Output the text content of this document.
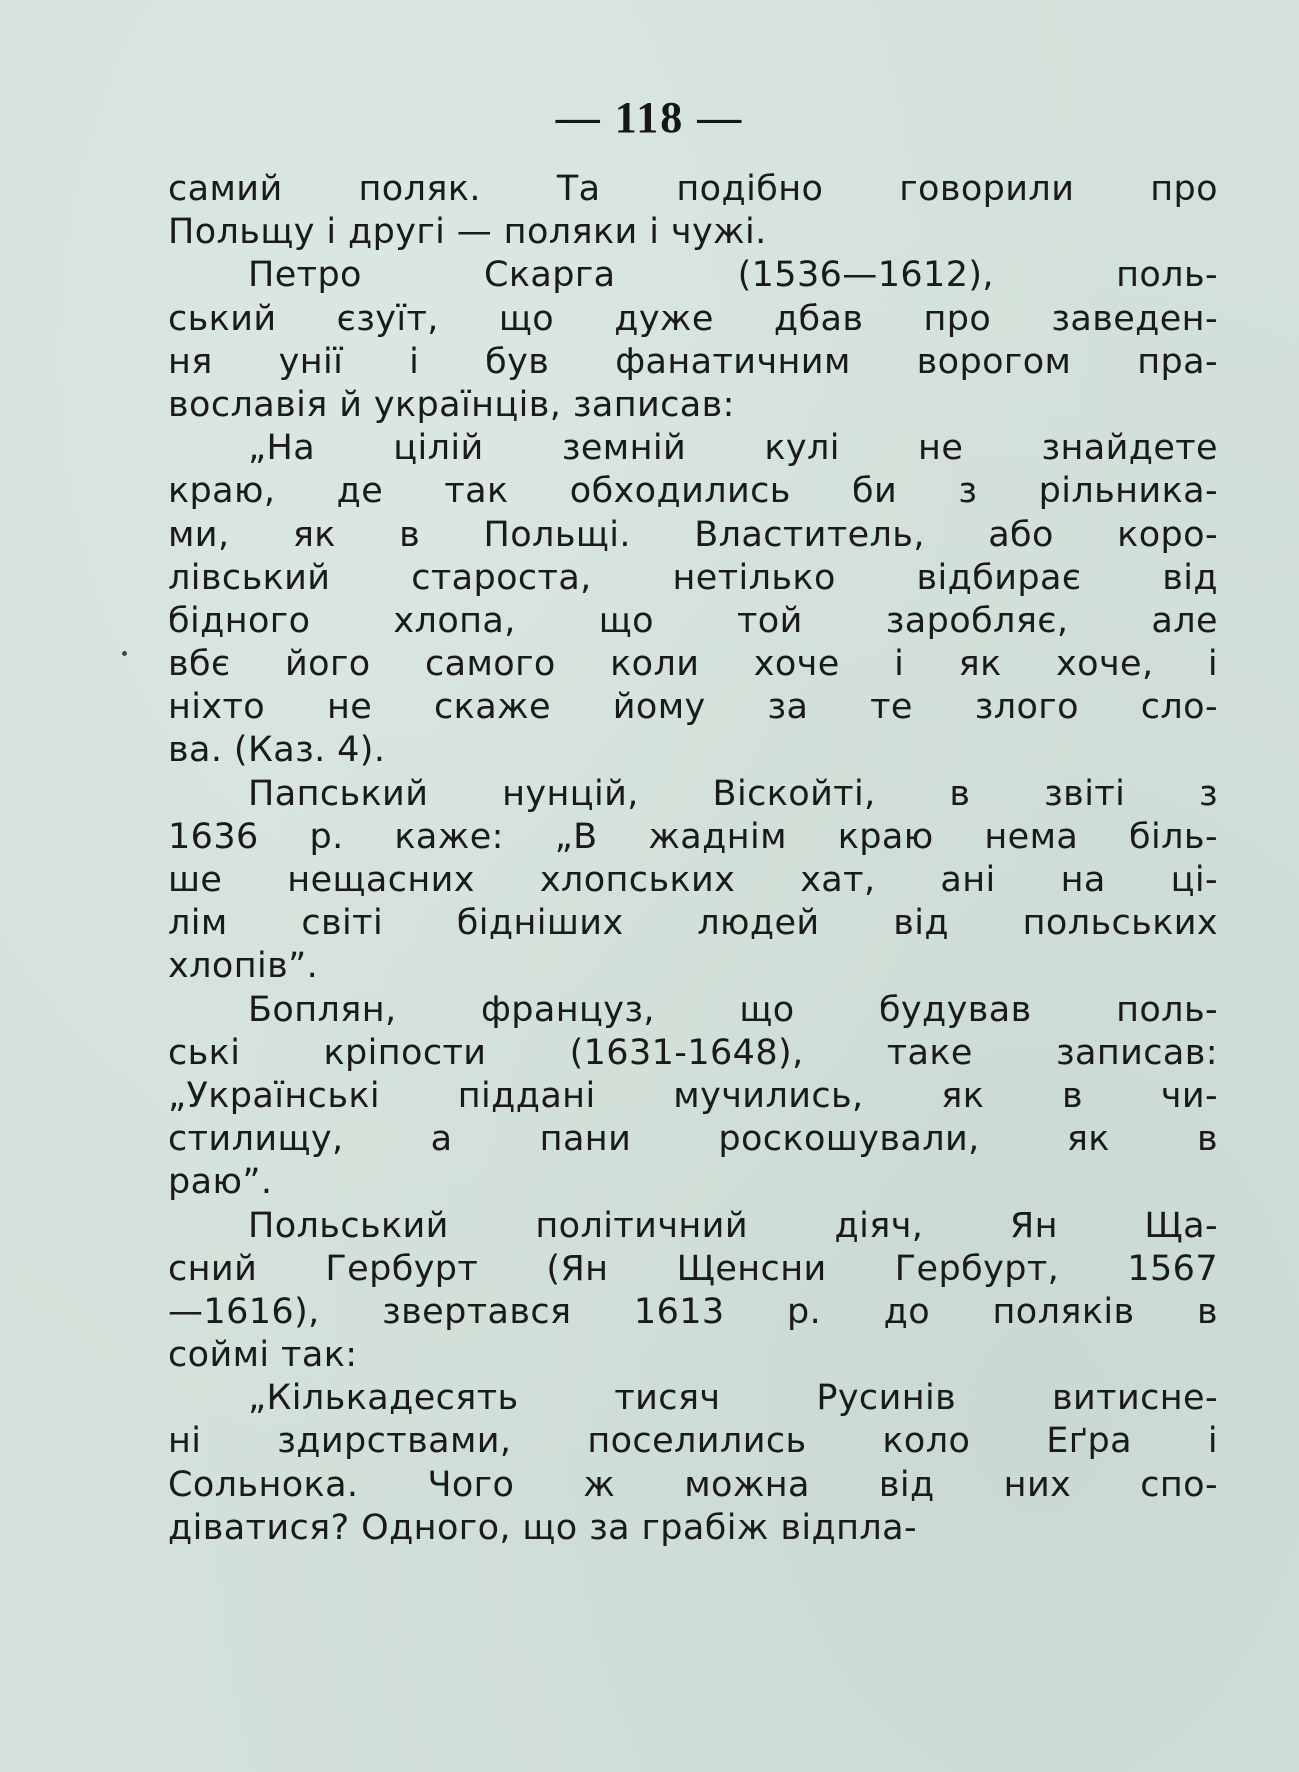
— 118 —
самий поляк. Та подібно говорили про
Польщу і другі — поляки і чужі.
Петро Скарга (1536—1612), поль-
ський єзуїт, що дуже дбав про заведен-
ня унії і був фанатичним ворогом пра-
вославія й українців, записав:
„На цілій земній кулі не знайдете
краю, де так обходились би з рільника-
ми, як в Польщі. Властитель, або коро-
лівський староста, нетілько відбирає від
бідного хлопа, що той заробляє, але
вбє його самого коли хоче і як хоче, і
ніхто не скаже йому за те злого сло-
ва. (Каз. 4).
Папський нунцій, Віскойті, в звіті з
1636 р. каже: „В жаднім краю нема біль-
ше нещасних хлопських хат, ані на ці-
лім світі бідніших людей від польських
хлопів”.
Боплян, француз, що будував поль-
ські кріпости (1631-1648), таке записав:
„Українські піддані мучились, як в чи-
стилищу, а пани роскошували, як в
раю”.
Польський політичний діяч, Ян Ща-
сний Гербурт (Ян Щенсни Гербурт, 1567
—1616), звертався 1613 р. до поляків в
соймі так:
„Кількадесять тисяч Русинів витисне-
ні здирствами, поселились коло Еґра і
Сольнока. Чого ж можна від них спо-
діватися? Одного, що за грабіж відпла-
